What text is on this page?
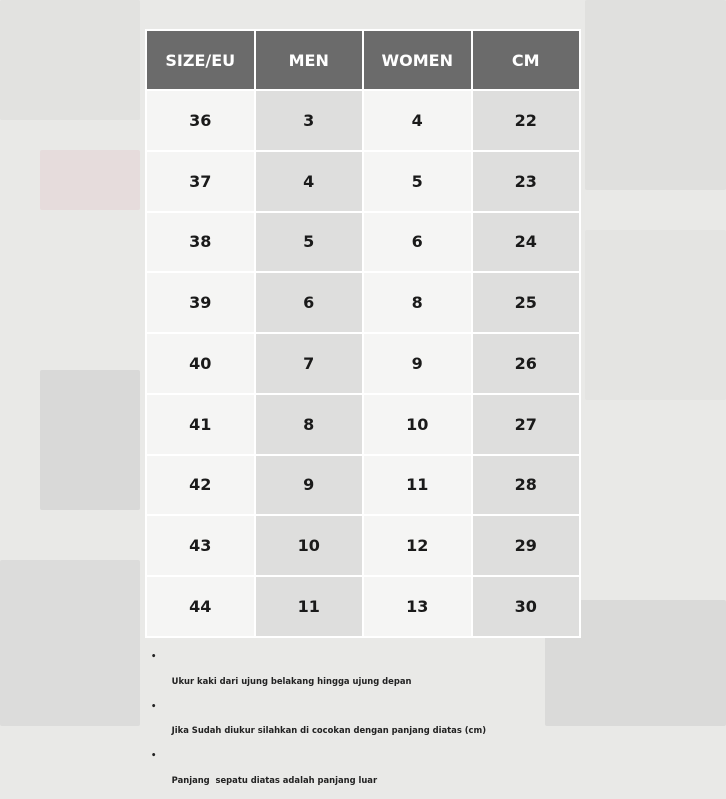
SIZE/EU	MEN	WOMEN	CM
36	3	4	22
37	4	5	23
38	5	6	24
39	6	8	25
40	7	9	26
41	8	10	27
42	9	11	28
43	10	12	29
44	11	13	30

•

Ukur kaki dari ujung belakang hingga ujung depan

•

Jika Sudah diukur silahkan di cocokan dengan panjang diatas (cm)

•

Panjang  sepatu diatas adalah panjang luar
